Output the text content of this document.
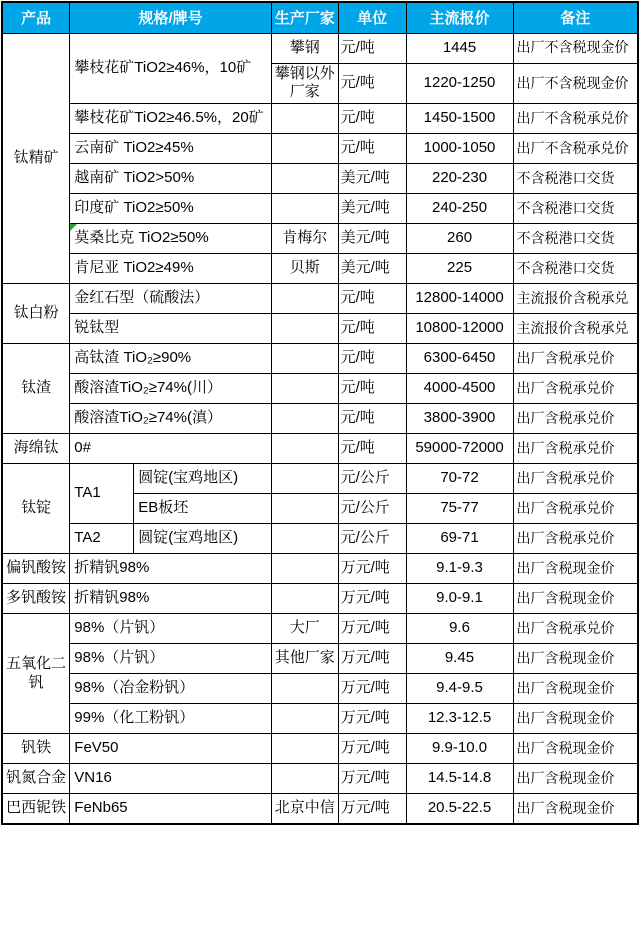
产品	规格/牌号		生产厂家	单位	主流报价	备注
钛精矿	攀枝花矿TiO2≥46%，10矿		攀钢	元/吨	1445	出厂不含税现金价
			攀钢以外厂家	元/吨	1220-1250	出厂不含税现金价
	攀枝花矿TiO2≥46.5%，20矿			元/吨	1450-1500	出厂不含税承兑价
	云南矿 TiO2≥45%			元/吨	1000-1050	出厂不含税承兑价
	越南矿 TiO2>50%			美元/吨	220-230	不含税港口交货
	印度矿 TiO2≥50%			美元/吨	240-250	不含税港口交货
	莫桑比克 TiO2≥50%		肯梅尔	美元/吨	260	不含税港口交货
	肯尼亚 TiO2≥49%		贝斯	美元/吨	225	不含税港口交货
钛白粉	金红石型（硫酸法）			元/吨	12800-14000	主流报价含税承兑
	锐钛型			元/吨	10800-12000	主流报价含税承兑
钛渣	高钛渣 TiO₂≥90%			元/吨	6300-6450	出厂含税承兑价
	酸溶渣TiO₂≥74%(川）			元/吨	4000-4500	出厂含税承兑价
	酸溶渣TiO₂≥74%(滇）			元/吨	3800-3900	出厂含税承兑价
海绵钛	0#			元/吨	59000-72000	出厂含税承兑价
钛锭	TA1	圆锭(宝鸡地区)		元/公斤	70-72	出厂含税承兑价
		EB板坯		元/公斤	75-77	出厂含税承兑价
	TA2	圆锭(宝鸡地区)		元/公斤	69-71	出厂含税承兑价
偏钒酸铵	折精钒98%			万元/吨	9.1-9.3	出厂含税现金价
多钒酸铵	折精钒98%			万元/吨	9.0-9.1	出厂含税现金价
五氧化二钒	98%（片钒）		大厂	万元/吨	9.6	出厂含税承兑价
	98%（片钒）		其他厂家	万元/吨	9.45	出厂含税现金价
	98%（冶金粉钒）			万元/吨	9.4-9.5	出厂含税现金价
	99%（化工粉钒）			万元/吨	12.3-12.5	出厂含税现金价
钒铁	FeV50			万元/吨	9.9-10.0	出厂含税现金价
钒氮合金	VN16			万元/吨	14.5-14.8	出厂含税现金价
巴西铌铁	FeNb65		北京中信	万元/吨	20.5-22.5	出厂含税现金价
